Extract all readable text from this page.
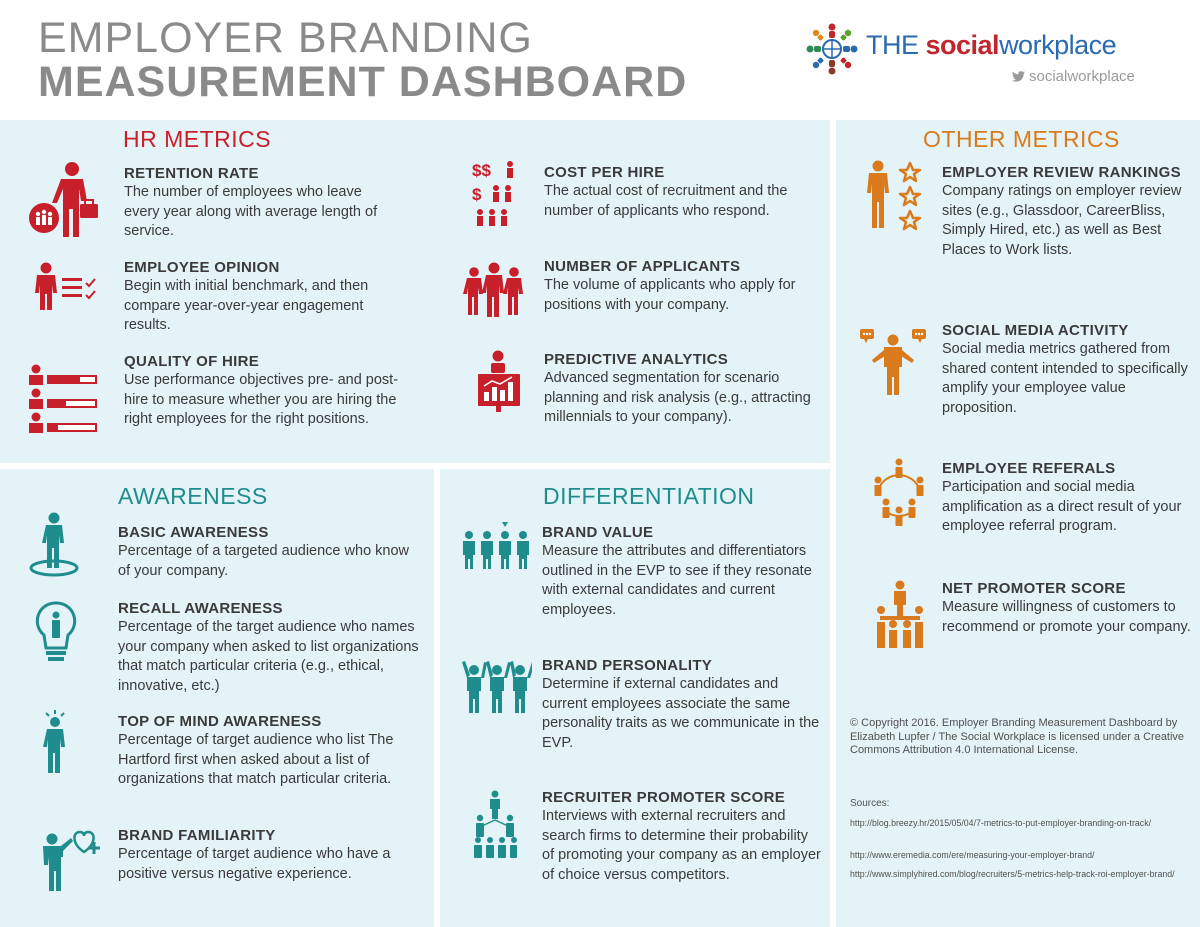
EMPLOYER BRANDING
MEASUREMENT DASHBOARD
THE socialworkplace
socialworkplace
HR METRICS
RETENTION RATE

The number of employees who leave every year along with average length of service.

EMPLOYEE OPINION

Begin with initial benchmark, and then compare year-over-year engagement results.

QUALITY OF HIRE

Use performance objectives pre- and post-hire to measure whether you are hiring the right employees for the right positions.

$$
$
COST PER HIRE

The actual cost of recruitment and the number of applicants who respond.

NUMBER OF APPLICANTS

The volume of applicants who apply for positions with your company.

PREDICTIVE ANALYTICS

Advanced segmentation for scenario planning and risk analysis (e.g., attracting millennials to your company).

OTHER METRICS
EMPLOYER REVIEW RANKINGS

Company ratings on employer review sites (e.g., Glassdoor, CareerBliss, Simply Hired, etc.) as well as Best Places to Work lists.

SOCIAL MEDIA ACTIVITY

Social media metrics gathered from shared content intended to specifically amplify your employee value proposition.

EMPLOYEE REFERALS

Participation and social media amplification as a direct result of your employee referral program.

NET PROMOTER SCORE

Measure willingness of customers to recommend or promote your company.

© Copyright 2016. Employer Branding Measurement Dashboard by Elizabeth Lupfer / The Social Workplace is licensed under a Creative Commons Attribution 4.0 International License.
Sources:
http://blog.breezy.hr/2015/05/04/7-metrics-to-put-employer-branding-on-track/
http://www.eremedia.com/ere/measuring-your-employer-brand/
http://www.simplyhired.com/blog/recruiters/5-metrics-help-track-roi-employer-brand/
AWARENESS
BASIC AWARENESS

Percentage of a targeted audience who know of your company.

RECALL AWARENESS

Percentage of the target audience who names your company when asked to list organizations that match particular criteria (e.g., ethical, innovative, etc.)

TOP OF MIND AWARENESS

Percentage of target audience who list The Hartford first when asked about a list of organizations that match particular criteria.

BRAND FAMILIARITY

Percentage of target audience who have a positive versus negative experience.

DIFFERENTIATION
BRAND VALUE

Measure the attributes and differentiators outlined in the EVP to see if they resonate with external candidates and current employees.

BRAND PERSONALITY

Determine if external candidates and current employees associate the same personality traits as we communicate in the EVP.

RECRUITER PROMOTER SCORE

Interviews with external recruiters and search firms to determine their probability of promoting your company as an employer of choice versus competitors.
